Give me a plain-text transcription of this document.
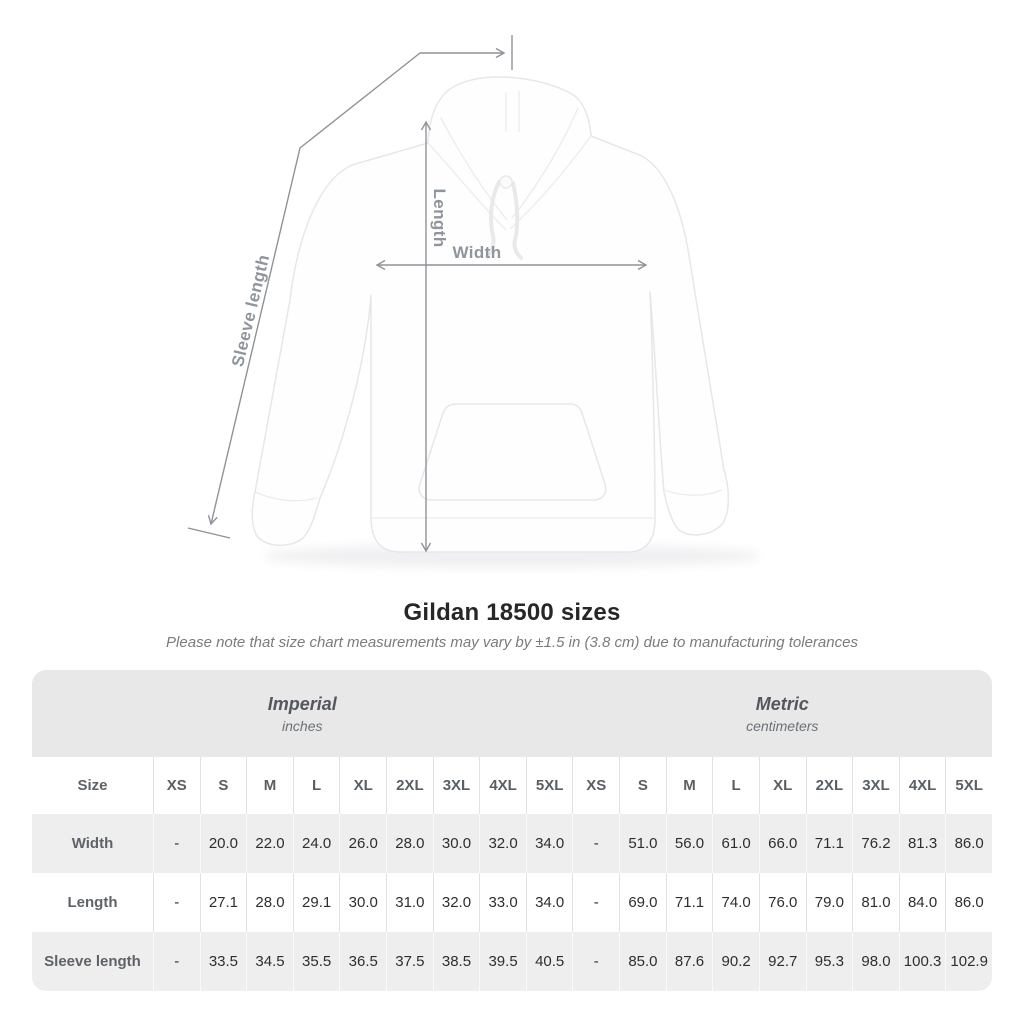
Sleeve length
Length
Width
Gildan 18500 sizes
Please note that size chart measurements may vary by ±1.5 in (3.8 cm) due to manufacturing tolerances
Imperial
inches
Metric
centimeters
Size	XS	S	M	L	XL	2XL	3XL	4XL	5XL	XS	S	M	L	XL	2XL	3XL	4XL	5XL
Width	-	20.0	22.0	24.0	26.0	28.0	30.0	32.0	34.0	-	51.0	56.0	61.0	66.0	71.1	76.2	81.3	86.0
Length	-	27.1	28.0	29.1	30.0	31.0	32.0	33.0	34.0	-	69.0	71.1	74.0	76.0	79.0	81.0	84.0	86.0
Sleeve length	-	33.5	34.5	35.5	36.5	37.5	38.5	39.5	40.5	-	85.0	87.6	90.2	92.7	95.3	98.0 100.3 102.9
